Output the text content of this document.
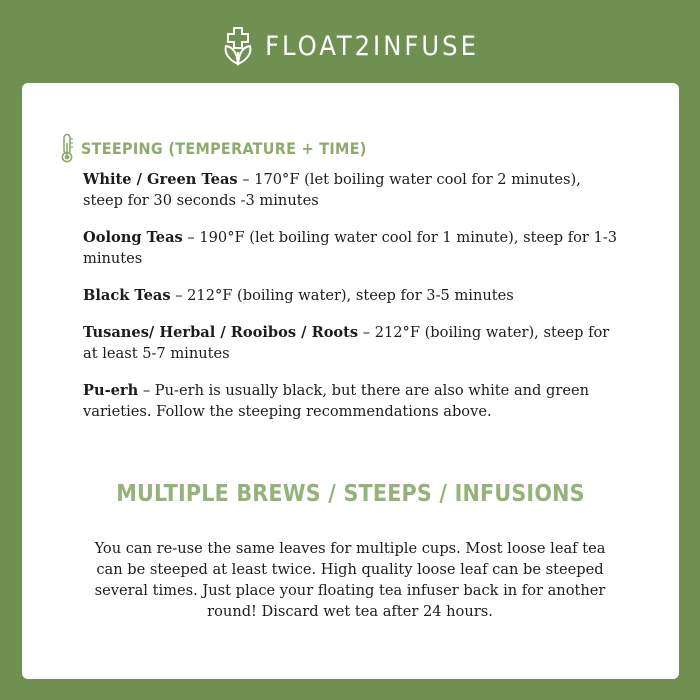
FLOAT2INFUSE
STEEPING (TEMPERATURE + TIME)

White / Green Teas – 170°F (let boiling water cool for 2 minutes), steep for 30 seconds -3 minutes

Oolong Teas – 190°F (let boiling water cool for 1 minute), steep for 1-3 minutes

Black Teas – 212°F (boiling water), steep for 3-5 minutes

Tusanes/ Herbal / Rooibos / Roots – 212°F (boiling water), steep for at least 5-7 minutes

Pu-erh – Pu-erh is usually black, but there are also white and green varieties. Follow the steeping recommendations above.

MULTIPLE BREWS / STEEPS / INFUSIONS

You can re-use the same leaves for multiple cups. Most loose leaf tea can be steeped at least twice. High quality loose leaf can be steeped several times. Just place your floating tea infuser back in for another round! Discard wet tea after 24 hours.
